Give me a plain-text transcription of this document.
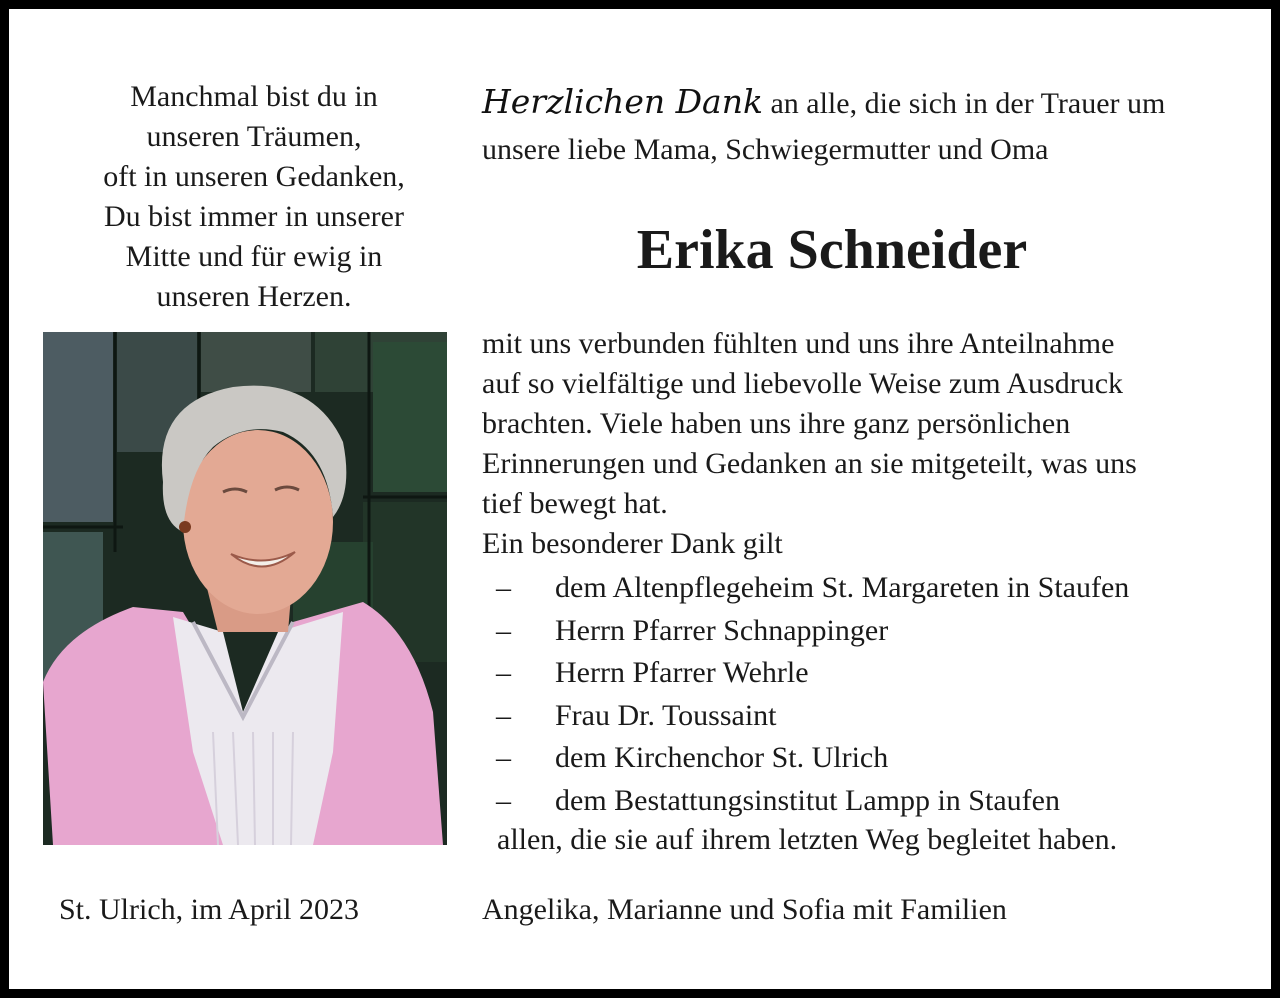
Manchmal bist du in
unseren Träumen,
oft in unseren Gedanken,
Du bist immer in unserer
Mitte und für ewig in
unseren Herzen.
Herzlichen Dank an alle, die sich in der Trauer um
unsere liebe Mama, Schwiegermutter und Oma
Erika Schneider
mit uns verbunden fühlten und uns ihre Anteilnahme
auf so vielfältige und liebevolle Weise zum Ausdruck
brachten. Viele haben uns ihre ganz persönlichen
Erinnerungen und Gedanken an sie mitgeteilt, was uns
tief bewegt hat.
Ein besonderer Dank gilt
– dem Altenpflegeheim St. Margareten in Staufen
– Herrn Pfarrer Schnappinger
– Herrn Pfarrer Wehrle
– Frau Dr. Toussaint
– dem Kirchenchor St. Ulrich
– dem Bestattungsinstitut Lampp in Staufen
allen, die sie auf ihrem letzten Weg begleitet haben.
St. Ulrich, im April 2023	Angelika, Marianne und Sofia mit Familien
